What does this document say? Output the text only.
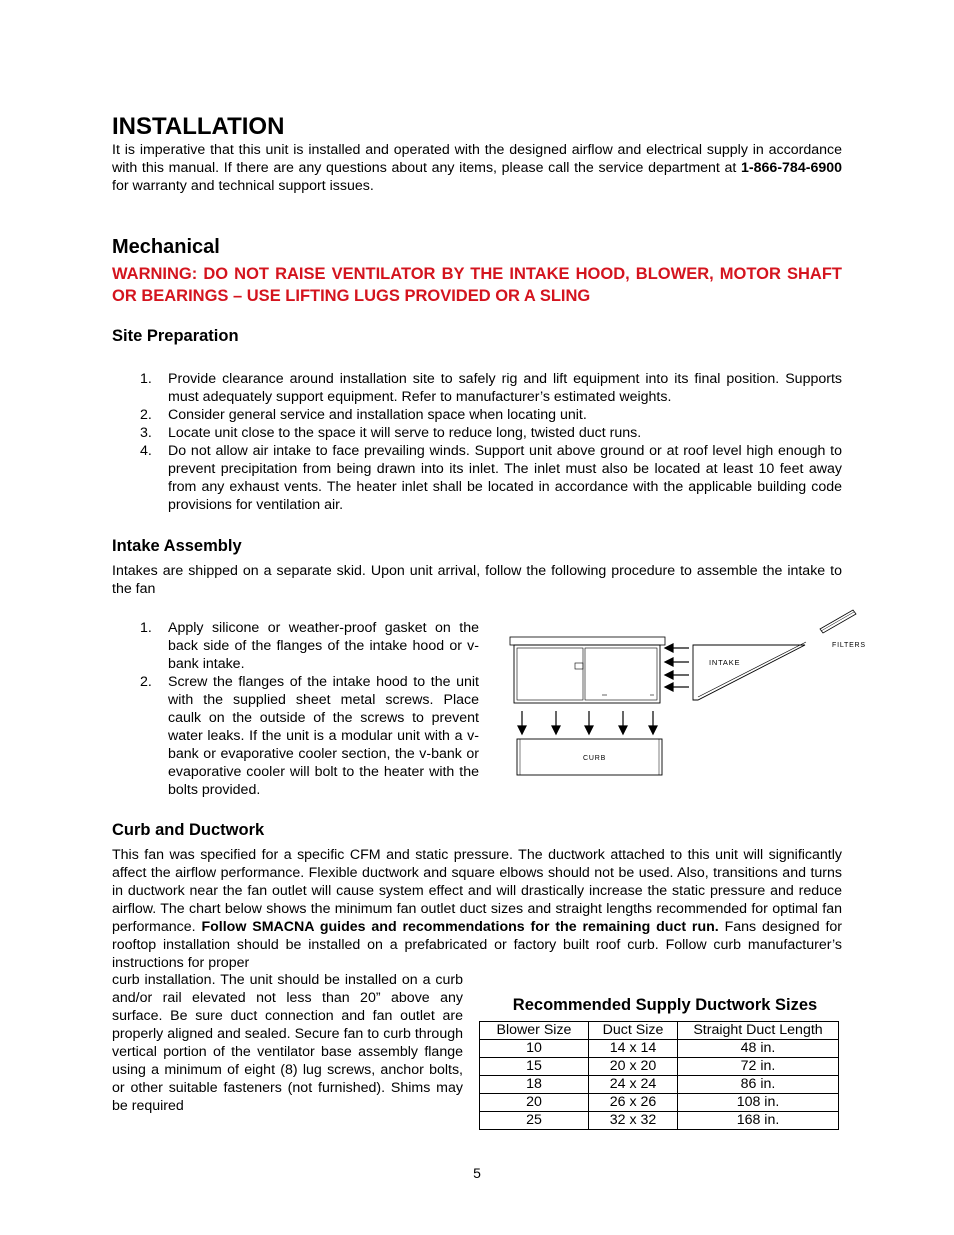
INSTALLATION

It is imperative that this unit is installed and operated with the designed airflow and electrical supply in accordance with this manual. If there are any questions about any items, please call the service department at 1-866-784-6900 for warranty and technical support issues.

Mechanical

WARNING: DO NOT RAISE VENTILATOR BY THE INTAKE HOOD, BLOWER, MOTOR SHAFT OR BEARINGS – USE LIFTING LUGS PROVIDED OR A SLING

Site Preparation
1. Provide clearance around installation site to safely rig and lift equipment into its final position. Supports must adequately support equipment. Refer to manufacturer’s estimated weights.
2. Consider general service and installation space when locating unit.
3. Locate unit close to the space it will serve to reduce long, twisted duct runs.
4. Do not allow air intake to face prevailing winds. Support unit above ground or at roof level high enough to prevent precipitation from being drawn into its inlet. The inlet must also be located at least 10 feet away from any exhaust vents. The heater inlet shall be located in accordance with the applicable building code provisions for ventilation air.
Intake Assembly

Intakes are shipped on a separate skid. Upon unit arrival, follow the following procedure to assemble the intake to the fan

1. Apply silicone or weather-proof gasket on the back side of the flanges of the intake hood or v-bank intake.
2. Screw the flanges of the intake hood to the unit with the supplied sheet metal screws. Place caulk on the outside of the screws to prevent water leaks. If the unit is a modular unit with a v-bank or evaporative cooler section, the v-bank or evaporative cooler will bolt to the heater with the bolts provided.
Curb and Ductwork

This fan was specified for a specific CFM and static pressure. The ductwork attached to this unit will significantly affect the airflow performance. Flexible ductwork and square elbows should not be used. Also, transitions and turns in ductwork near the fan outlet will cause system effect and will drastically increase the static pressure and reduce airflow. The chart below shows the minimum fan outlet duct sizes and straight lengths recommended for optimal fan performance. Follow SMACNA guides and recommendations for the remaining duct run. Fans designed for rooftop installation should be installed on a prefabricated or factory built roof curb. Follow curb manufacturer’s instructions for proper

curb installation. The unit should be installed on a curb and/or rail elevated not less than 20” above any surface. Be sure duct connection and fan outlet are properly aligned and sealed. Secure fan to curb through vertical portion of the ventilator base assembly flange using a minimum of eight (8) lug screws, anchor bolts, or other suitable fasteners (not furnished). Shims may be required

Recommended Supply Ductwork Sizes
Blower Size	Duct Size	Straight Duct Length
10	14 x 14	48 in.
15	20 x 20	72 in.
18	24 x 24	86 in.
20	26 x 26	108 in.
25	32 x 32	168 in.
CURB
INTAKE
FILTERS
5
